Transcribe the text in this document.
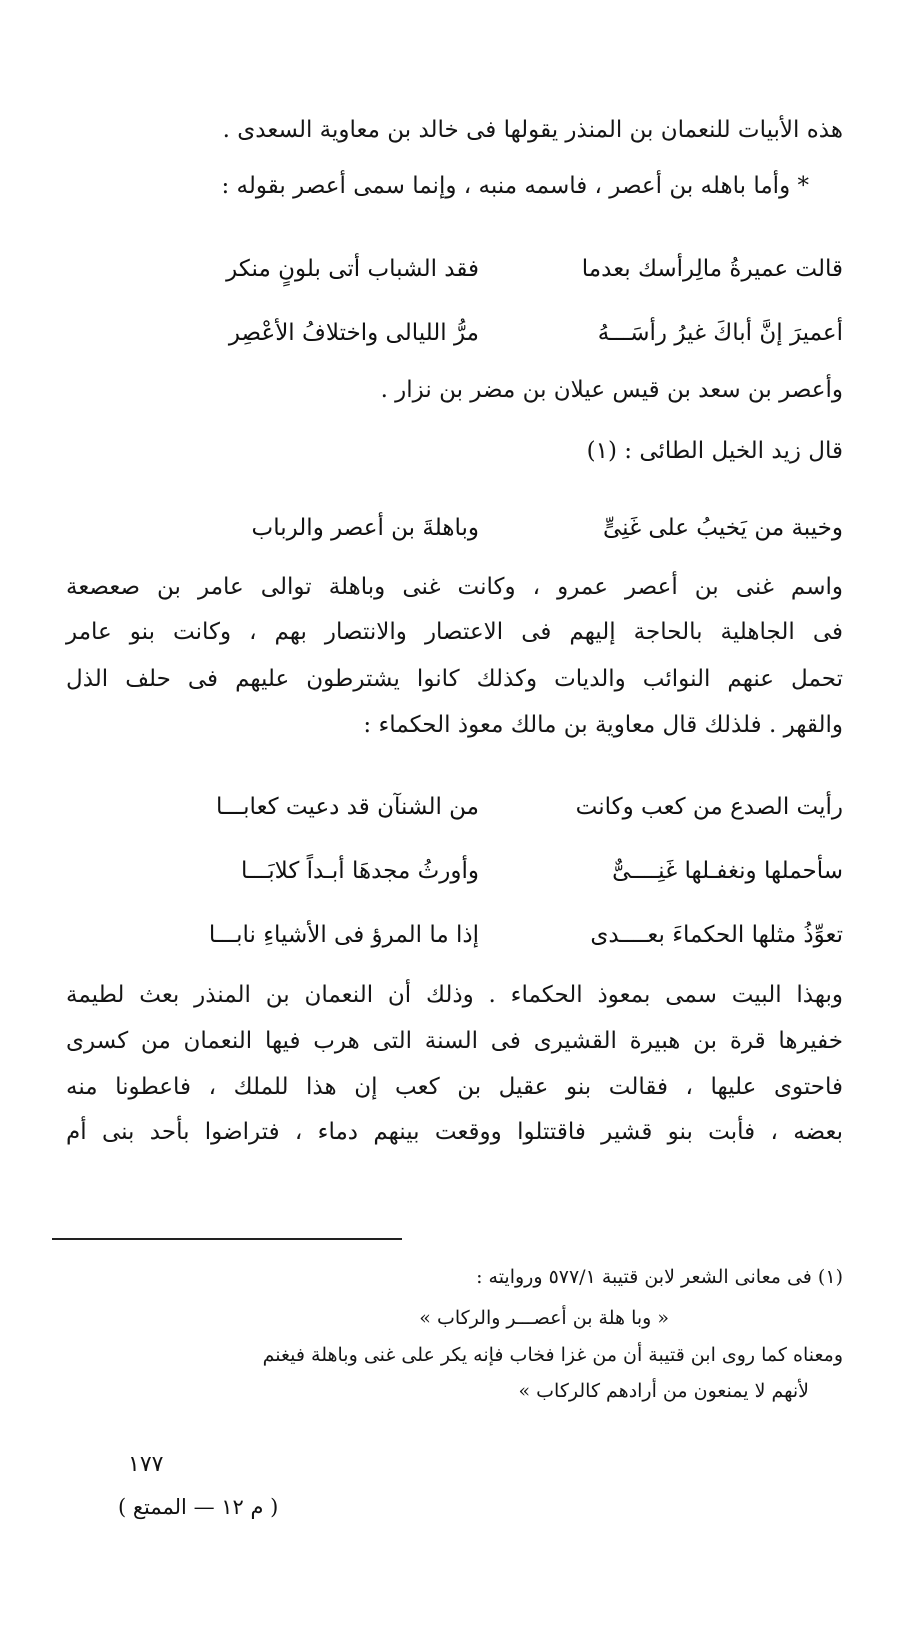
هذه الأبيات للنعمان بن المنذر يقولها فى خالد بن معاوية السعدى .
* وأما باهله بن أعصر ، فاسمه منبه ، وإنما سمى أعصر بقوله :
قالت عميرةُ مالِرأسك بعدما
فقد الشباب أتى بلونٍ منكر
أعميرَ إنَّ أباكَ غيرُ رأسَـــهُ
مرُّ الليالى واختلافُ الأعْصِر
وأعصر بن سعد بن قيس عيلان بن مضر بن نزار .
قال زيد الخيل الطائى : (١)
وخيبة من يَخيبُ على غَنِىٍّ
وباهلةَ بن أعصر والرباب
واسم غنى بن أعصر عمرو ، وكانت غنى وباهلة توالى عامر بن صعصعة
فى الجاهلية بالحاجة إليهم فى الاعتصار والانتصار بهم ، وكانت بنو عامر
تحمل عنهم النوائب والديات وكذلك كانوا يشترطون عليهم فى حلف الذل
والقهر . فلذلك قال معاوية بن مالك معوذ الحكماء :
رأيت الصدع من كعب وكانت
من الشنآن قد دعيت كعابـــا
سأحملها ونغفـلها غَنِــــىٌّ
وأورثُ مجدهَا أبـداً كلابَـــا
تعوِّذُ مثلها الحكماءَ بعــــدى
إذا ما المرؤ فى الأشياءِ نابـــا
وبهذا البيت سمى بمعوذ الحكماء . وذلك أن النعمان بن المنذر بعث لطيمة
خفيرها قرة بن هبيرة القشيرى فى السنة التى هرب فيها النعمان من كسرى
فاحتوى عليها ، فقالت بنو عقيل بن كعب إن هذا للملك ، فاعطونا منه
بعضه ، فأبت بنو قشير فاقتتلوا ووقعت بينهم دماء ، فتراضوا بأحد بنى أم
(١) فى معانى الشعر لابن قتيبة ٥٧٧/١ وروايته :
« وبا هلة بن أعصـــر والركاب »
ومعناه كما روى ابن قتيبة أن من غزا فخاب فإنه يكر على غنى وباهلة فيغنم
لأنهم لا يمنعون من أرادهم كالركاب »
١٧٧
( م ١٢ — الممتع )
